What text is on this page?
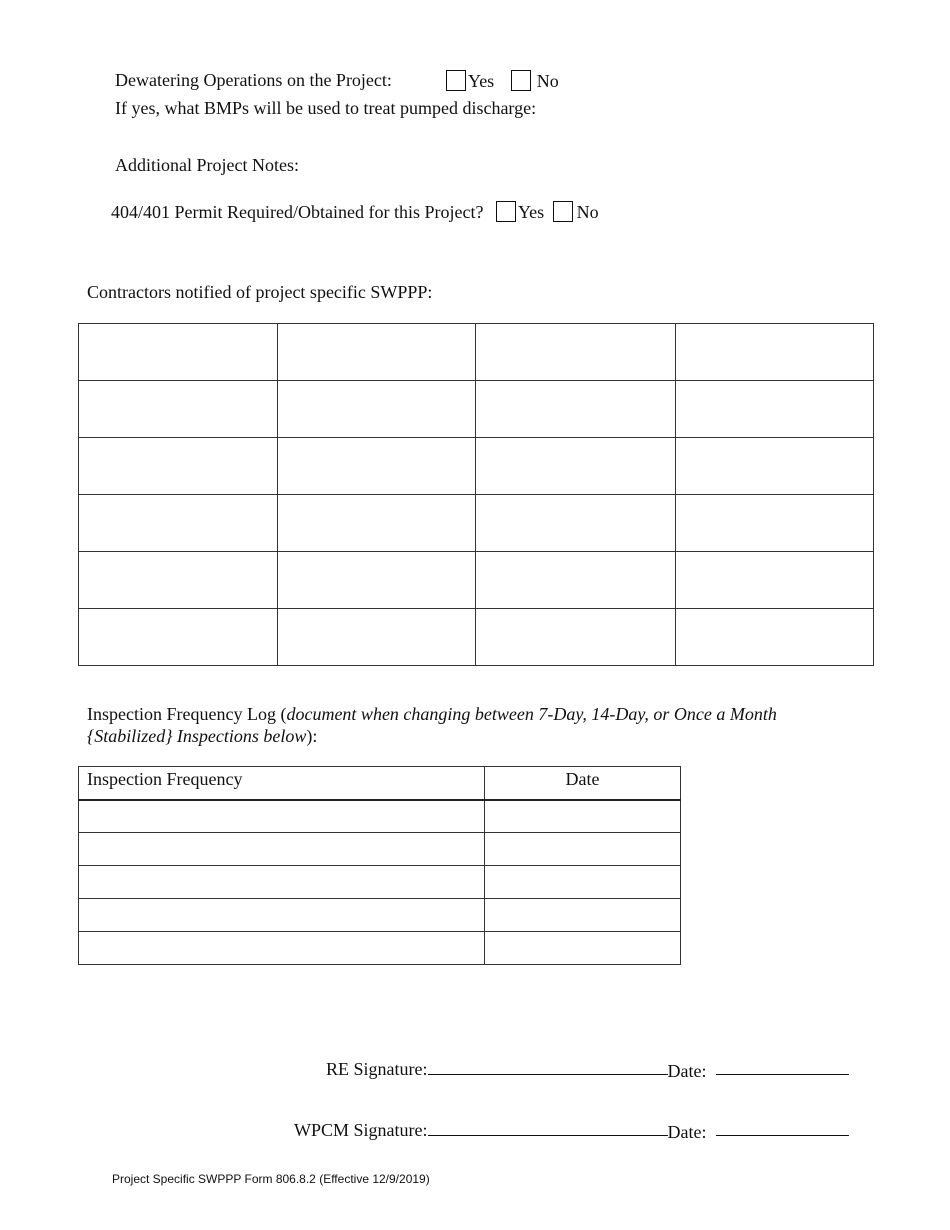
Dewatering Operations on the Project:	Yes No
If yes, what BMPs will be used to treat pumped discharge:
Additional Project Notes:
404/401 Permit Required/Obtained for this Project? Yes No
Contractors notified of project specific SWPPP:

Inspection Frequency Log (document when changing between 7-Day, 14-Day, or Once a Month {Stabilized} Inspections below):
Inspection Frequency	Date

RE Signature:	Date:
WPCM Signature:	Date:
Project Specific SWPPP Form 806.8.2 (Effective 12/9/2019)
